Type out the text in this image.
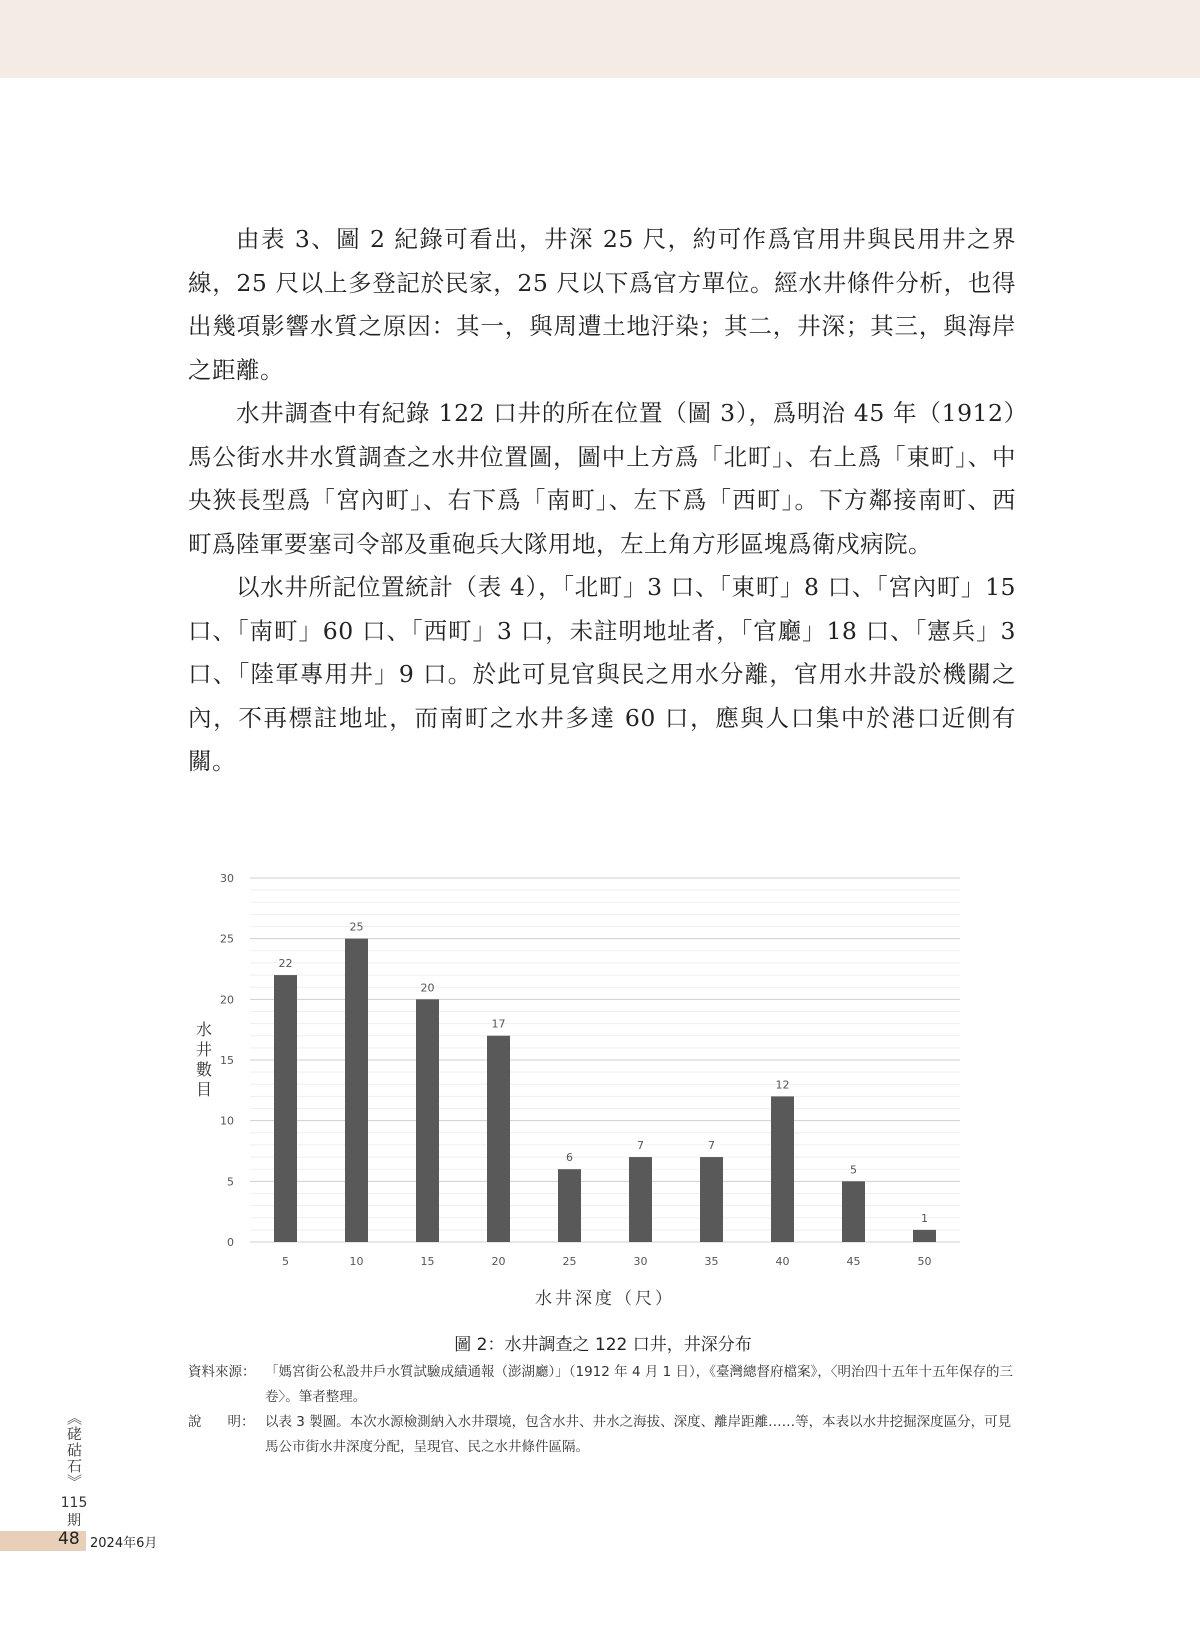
由表 3、圖 2 紀錄可看出，井深 25 尺，約可作爲官用井與民用井之界線，25 尺以上多登記於民家，25 尺以下爲官方單位。經水井條件分析，也得出幾項影響水質之原因：其一，與周遭土地汙染；其二，井深；其三，與海岸之距離。

水井調查中有紀錄 122 口井的所在位置（圖 3），爲明治 45 年（1912）馬公街水井水質調查之水井位置圖，圖中上方爲「北町」、右上爲「東町」、中央狹長型爲「宮內町」、右下爲「南町」、左下爲「西町」。下方鄰接南町、西町爲陸軍要塞司令部及重砲兵大隊用地，左上角方形區塊爲衛戍病院。

以水井所記位置統計（表 4），「北町」3 口、「東町」8 口、「宮內町」15 口、「南町」60 口、「西町」3 口，未註明地址者，「官廳」18 口、「憲兵」3 口、「陸軍專用井」9 口。於此可見官與民之用水分離，官用水井設於機關之內，不再標註地址，而南町之水井多達 60 口，應與人口集中於港口近側有關。

0
5
10
15
20
25
30
22
5
25
10
20
15
17
20
6
25
7
30
7
35
12
40
5
45
1
50
水井深度（尺）
水
井
數
目
圖 2：水井調查之 122 口井，井深分布
資料來源： 「媽宮街公私設井戶水質試驗成績通報（澎湖廳）」（1912 年 4 月 1 日），《臺灣總督府檔案》，〈明治四十五年十五年保存的三卷〉。筆者整理。
說 明： 以表 3 製圖。本次水源檢測納入水井環境，包含水井、井水之海拔、深度、離岸距離……等，本表以水井挖掘深度區分，可見馬公市街水井深度分配，呈現官、民之水井條件區隔。
《硓𥑮石》
115
期
48 2024年6月
